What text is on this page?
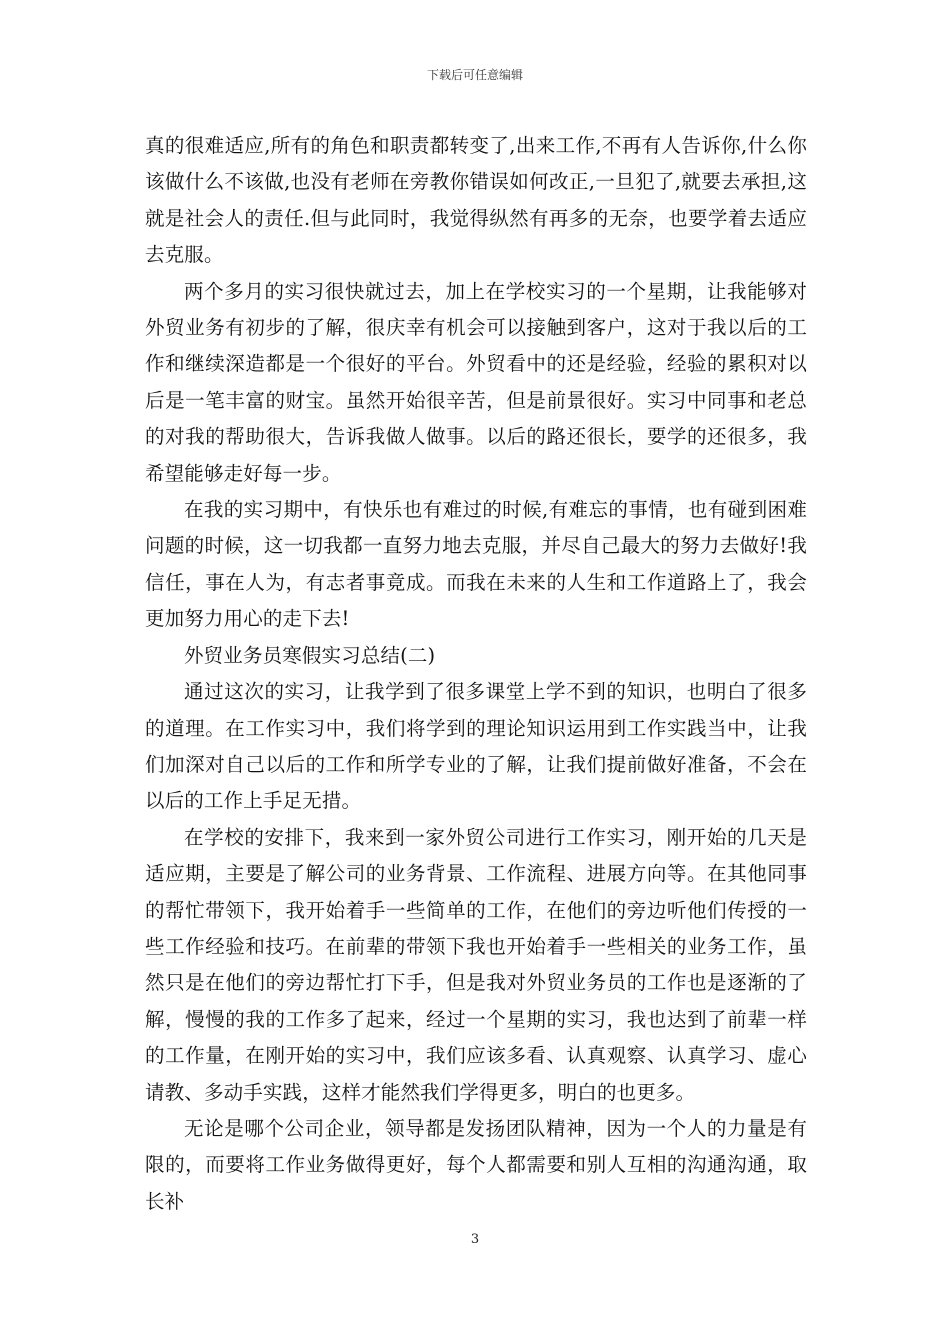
下载后可任意编辑

真的很难适应,所有的角色和职责都转变了,出来工作,不再有人告诉你,什么你该做什么不该做,也没有老师在旁教你错误如何改正,一旦犯了,就要去承担,这就是社会人的责任.但与此同时，我觉得纵然有再多的无奈，也要学着去适应去克服。

两个多月的实习很快就过去，加上在学校实习的一个星期，让我能够对外贸业务有初步的了解，很庆幸有机会可以接触到客户，这对于我以后的工作和继续深造都是一个很好的平台。外贸看中的还是经验，经验的累积对以后是一笔丰富的财宝。虽然开始很辛苦，但是前景很好。实习中同事和老总的对我的帮助很大，告诉我做人做事。以后的路还很长，要学的还很多，我希望能够走好每一步。

在我的实习期中，有快乐也有难过的时候,有难忘的事情，也有碰到困难问题的时候，这一切我都一直努力地去克服，并尽自己最大的努力去做好!我信任，事在人为，有志者事竟成。而我在未来的人生和工作道路上了，我会更加努力用心的走下去!

外贸业务员寒假实习总结(二)

通过这次的实习，让我学到了很多课堂上学不到的知识，也明白了很多的道理。在工作实习中，我们将学到的理论知识运用到工作实践当中，让我们加深对自己以后的工作和所学专业的了解，让我们提前做好准备，不会在以后的工作上手足无措。

在学校的安排下，我来到一家外贸公司进行工作实习，刚开始的几天是适应期，主要是了解公司的业务背景、工作流程、进展方向等。在其他同事的帮忙带领下，我开始着手一些简单的工作，在他们的旁边听他们传授的一些工作经验和技巧。在前辈的带领下我也开始着手一些相关的业务工作，虽然只是在他们的旁边帮忙打下手，但是我对外贸业务员的工作也是逐渐的了解，慢慢的我的工作多了起来，经过一个星期的实习，我也达到了前辈一样的工作量，在刚开始的实习中，我们应该多看、认真观察、认真学习、虚心请教、多动手实践，这样才能然我们学得更多，明白的也更多。

无论是哪个公司企业，领导都是发扬团队精神，因为一个人的力量是有限的，而要将工作业务做得更好，每个人都需要和别人互相的沟通沟通，取长补

3
